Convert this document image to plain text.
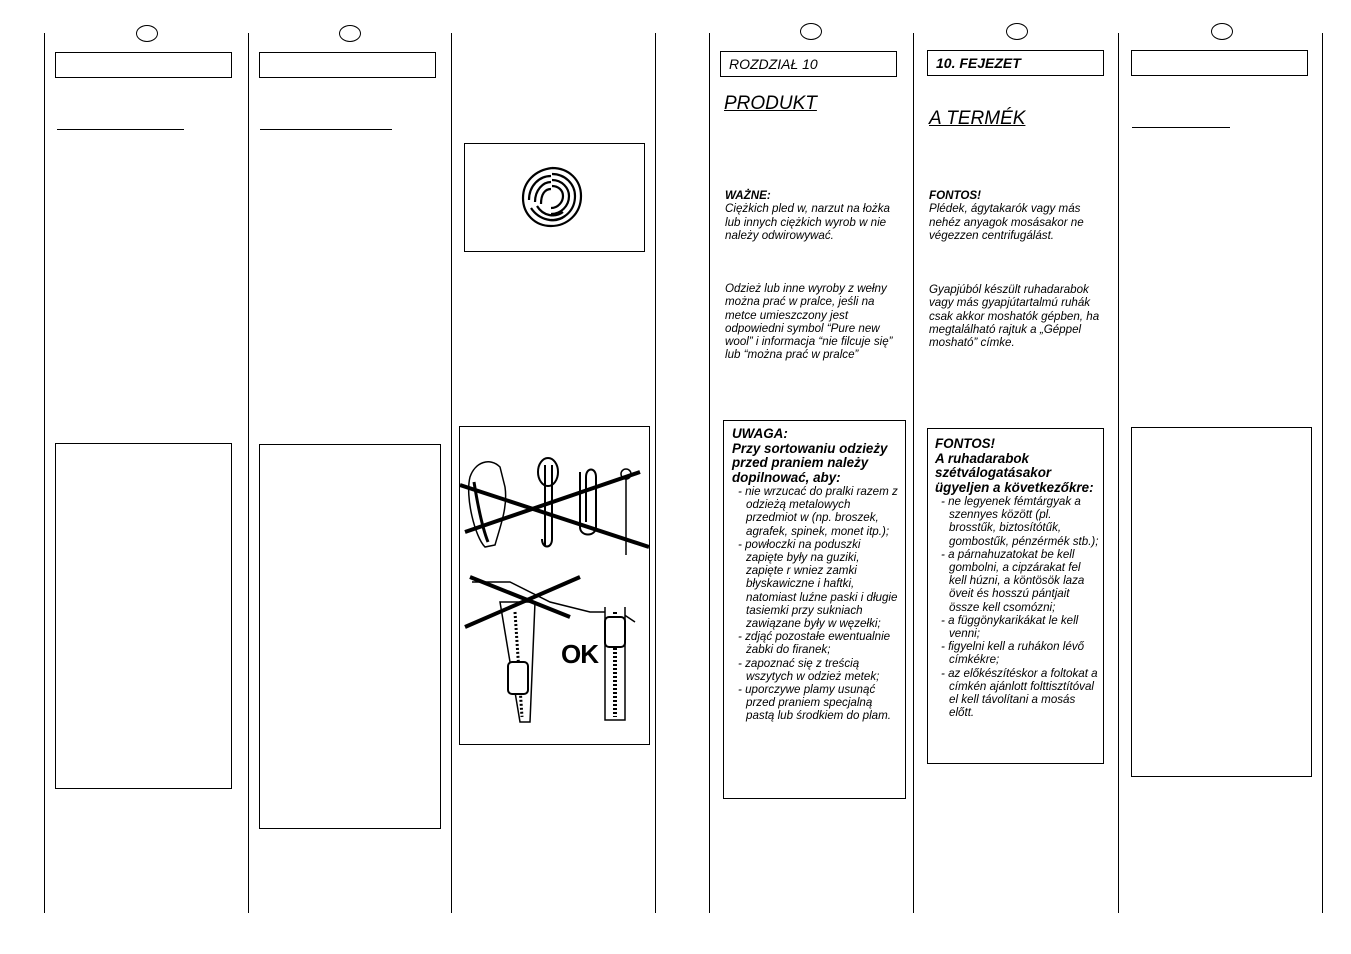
OK
ROZDZIAŁ 10
PRODUKT
WAŻNE:
Ciężkich pled w, narzut na łożka lub innych ciężkich wyrob w nie należy odwirowywać.
Odzież lub inne wyroby z wełny można prać w pralce, jeśli na metce umieszczony jest odpowiedni symbol “Pure new wool” i informacja “nie filcuje się” lub “można prać w pralce”
UWAGA:
Przy sortowaniu odzieży przed praniem należy dopilnować, aby:
- nie wrzucać do pralki razem z odzieżą metalowych przedmiot w (np. broszek, agrafek, spinek, monet itp.);
- powłoczki na poduszki zapięte były na guziki, zapięte r wniez zamki błyskawiczne i haftki, natomiast luźne paski i długie tasiemki przy sukniach zawiązane były w węzełki;
- zdjąć pozostałe ewentualnie żabki do firanek;
- zapoznać się z treścią wszytych w odzież metek;
- uporczywe plamy usunąć przed praniem specjalną pastą lub środkiem do plam.
10. FEJEZET
A TERMÉK
FONTOS!
Plédek, ágytakarók vagy más nehéz anyagok mosásakor ne végezzen centrifugálást.
Gyapjúból készült ruhadarabok vagy más gyapjútartalmú ruhák csak akkor moshatók gépben, ha megtalálható rajtuk a „Géppel mosható” címke.
FONTOS!
A ruhadarabok szétválogatásakor ügyeljen a következőkre:
- ne legyenek fémtárgyak a szennyes között (pl. brosstűk, biztosítótűk, gombostűk, pénzérmék stb.);
- a párnahuzatokat be kell gombolni, a cipzárakat fel kell húzni, a köntösök laza öveit és hosszú pántjait össze kell csomózni;
- a függönykarikákat le kell venni;
- figyelni kell a ruhákon lévő címkékre;
- az előkészítéskor a foltokat a címkén ajánlott folttisztítóval el kell távolítani a mosás előtt.
